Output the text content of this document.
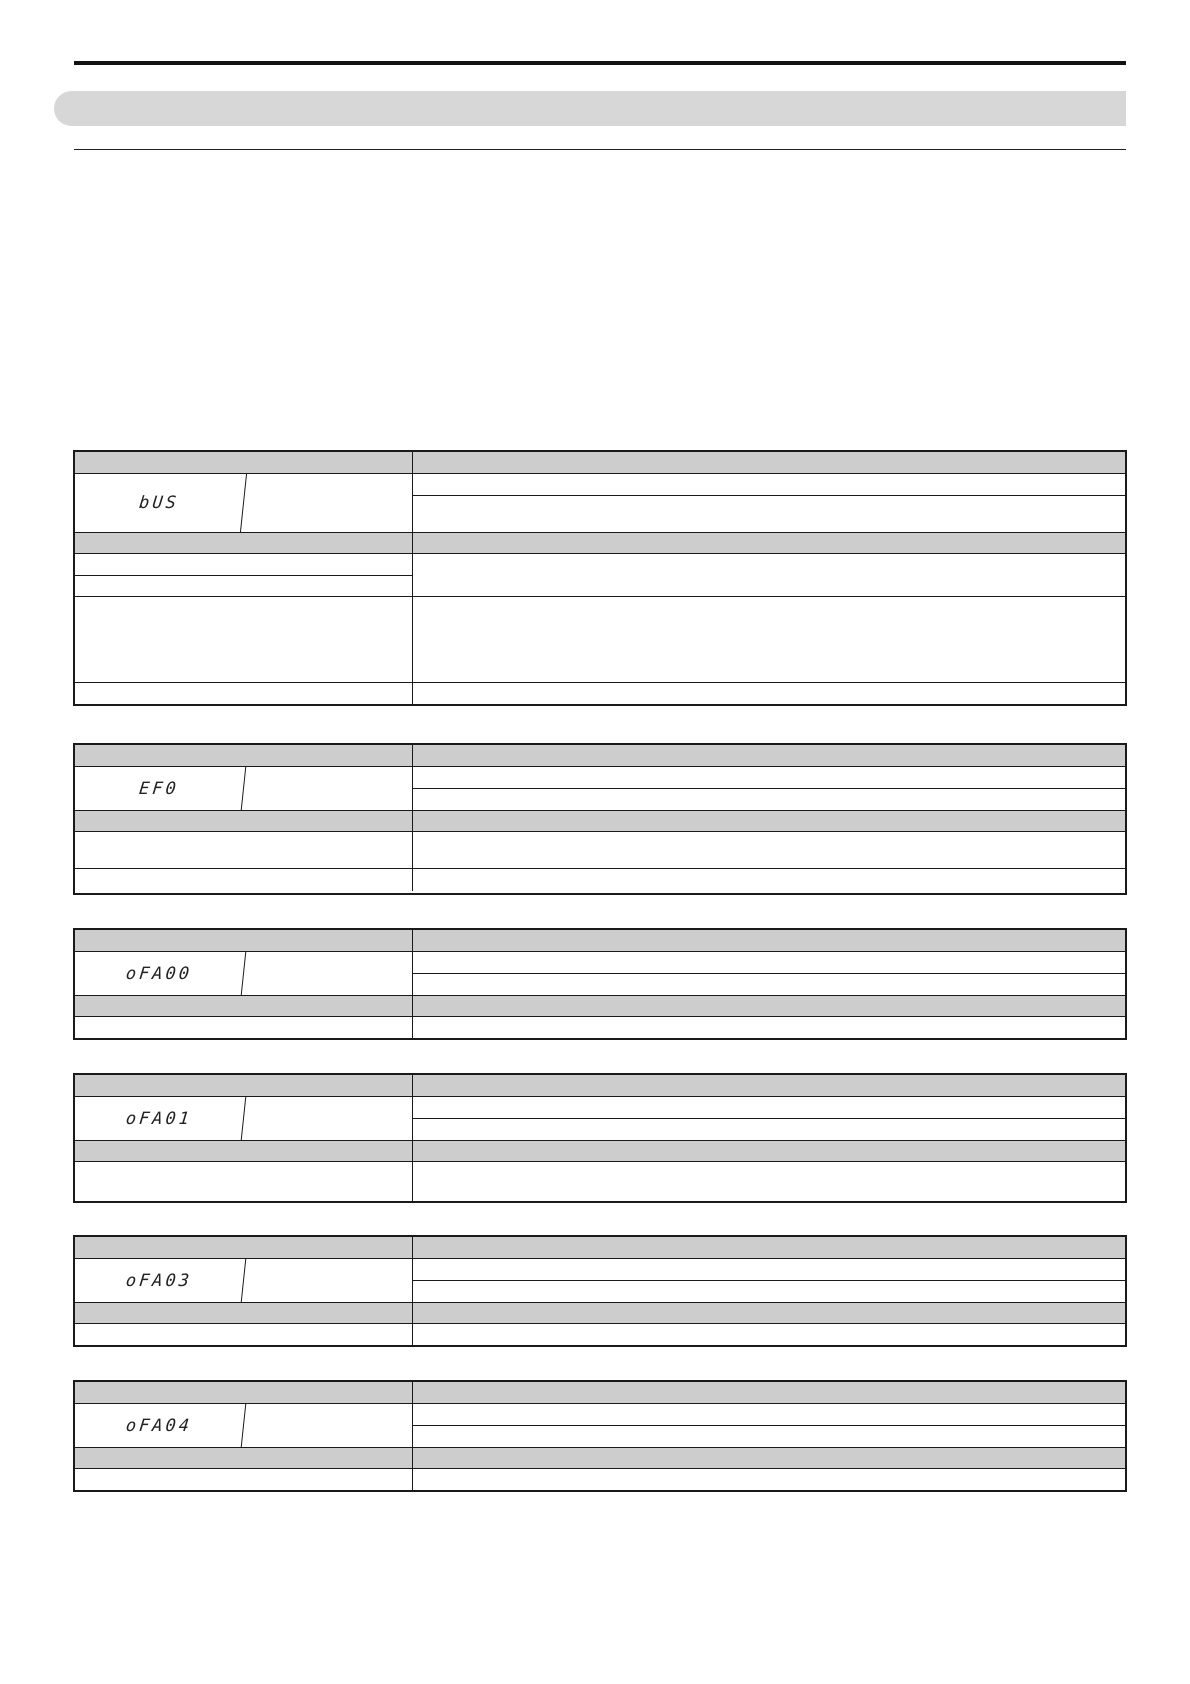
bUS
EF0
oFA00
oFA01
oFA03
oFA04
